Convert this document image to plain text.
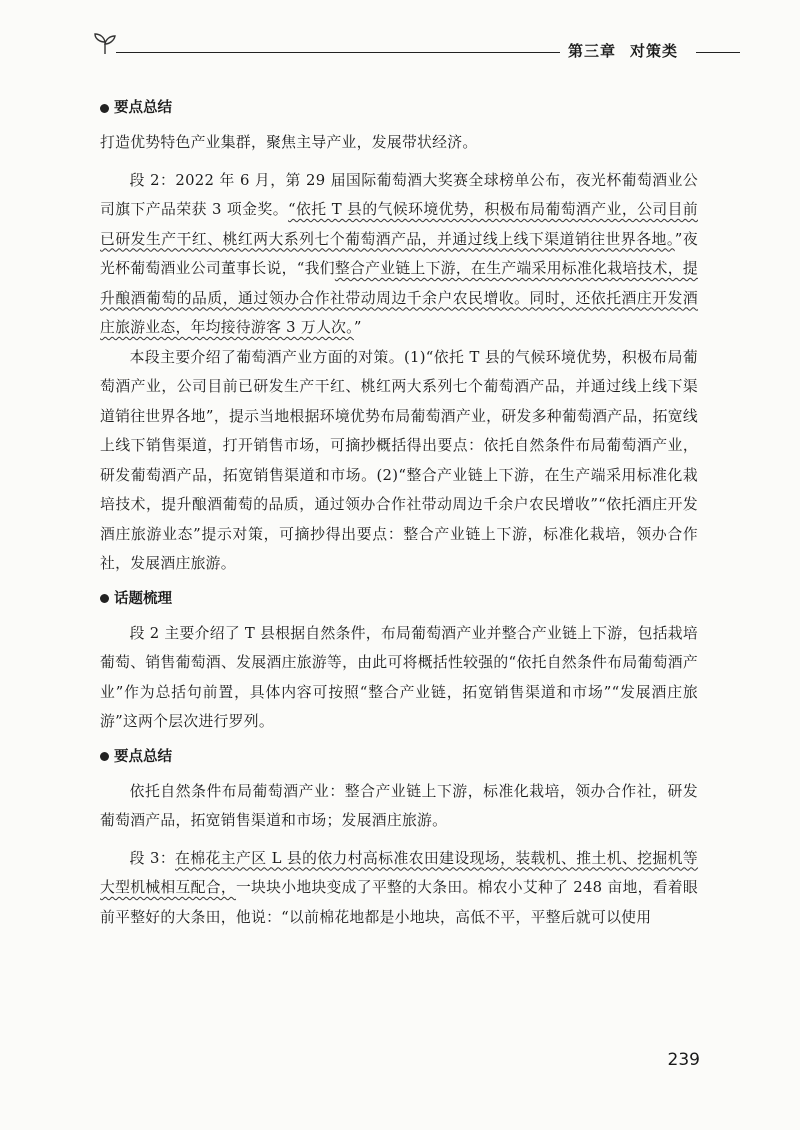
第三章 对策类
要点总结

打造优势特色产业集群，聚焦主导产业，发展带状经济。

段 2：2022 年 6 月，第 29 届国际葡萄酒大奖赛全球榜单公布，夜光杯葡萄酒业公司旗下产品荣获 3 项金奖。“依托 T 县的气候环境优势，积极布局葡萄酒产业，公司目前已研发生产干红、桃红两大系列七个葡萄酒产品，并通过线上线下渠道销往世界各地。”夜光杯葡萄酒业公司董事长说，“我们整合产业链上下游，在生产端采用标准化栽培技术，提升酿酒葡萄的品质，通过领办合作社带动周边千余户农民增收。同时，还依托酒庄开发酒庄旅游业态，年均接待游客 3 万人次。”

本段主要介绍了葡萄酒产业方面的对策。(1)“依托 T 县的气候环境优势，积极布局葡萄酒产业，公司目前已研发生产干红、桃红两大系列七个葡萄酒产品，并通过线上线下渠道销往世界各地”，提示当地根据环境优势布局葡萄酒产业，研发多种葡萄酒产品，拓宽线上线下销售渠道，打开销售市场，可摘抄概括得出要点：依托自然条件布局葡萄酒产业，研发葡萄酒产品，拓宽销售渠道和市场。(2)“整合产业链上下游，在生产端采用标准化栽培技术，提升酿酒葡萄的品质，通过领办合作社带动周边千余户农民增收”“依托酒庄开发酒庄旅游业态”提示对策，可摘抄得出要点：整合产业链上下游，标准化栽培，领办合作社，发展酒庄旅游。

话题梳理

段 2 主要介绍了 T 县根据自然条件，布局葡萄酒产业并整合产业链上下游，包括栽培葡萄、销售葡萄酒、发展酒庄旅游等，由此可将概括性较强的“依托自然条件布局葡萄酒产业”作为总括句前置，具体内容可按照“整合产业链，拓宽销售渠道和市场”“发展酒庄旅游”这两个层次进行罗列。

要点总结

依托自然条件布局葡萄酒产业：整合产业链上下游，标准化栽培，领办合作社，研发葡萄酒产品，拓宽销售渠道和市场；发展酒庄旅游。

段 3：在棉花主产区 L 县的依力村高标准农田建设现场，装载机、推土机、挖掘机等大型机械相互配合，一块块小地块变成了平整的大条田。棉农小艾种了 248 亩地，看着眼前平整好的大条田，他说：“以前棉花地都是小地块，高低不平，平整后就可以使用

239
